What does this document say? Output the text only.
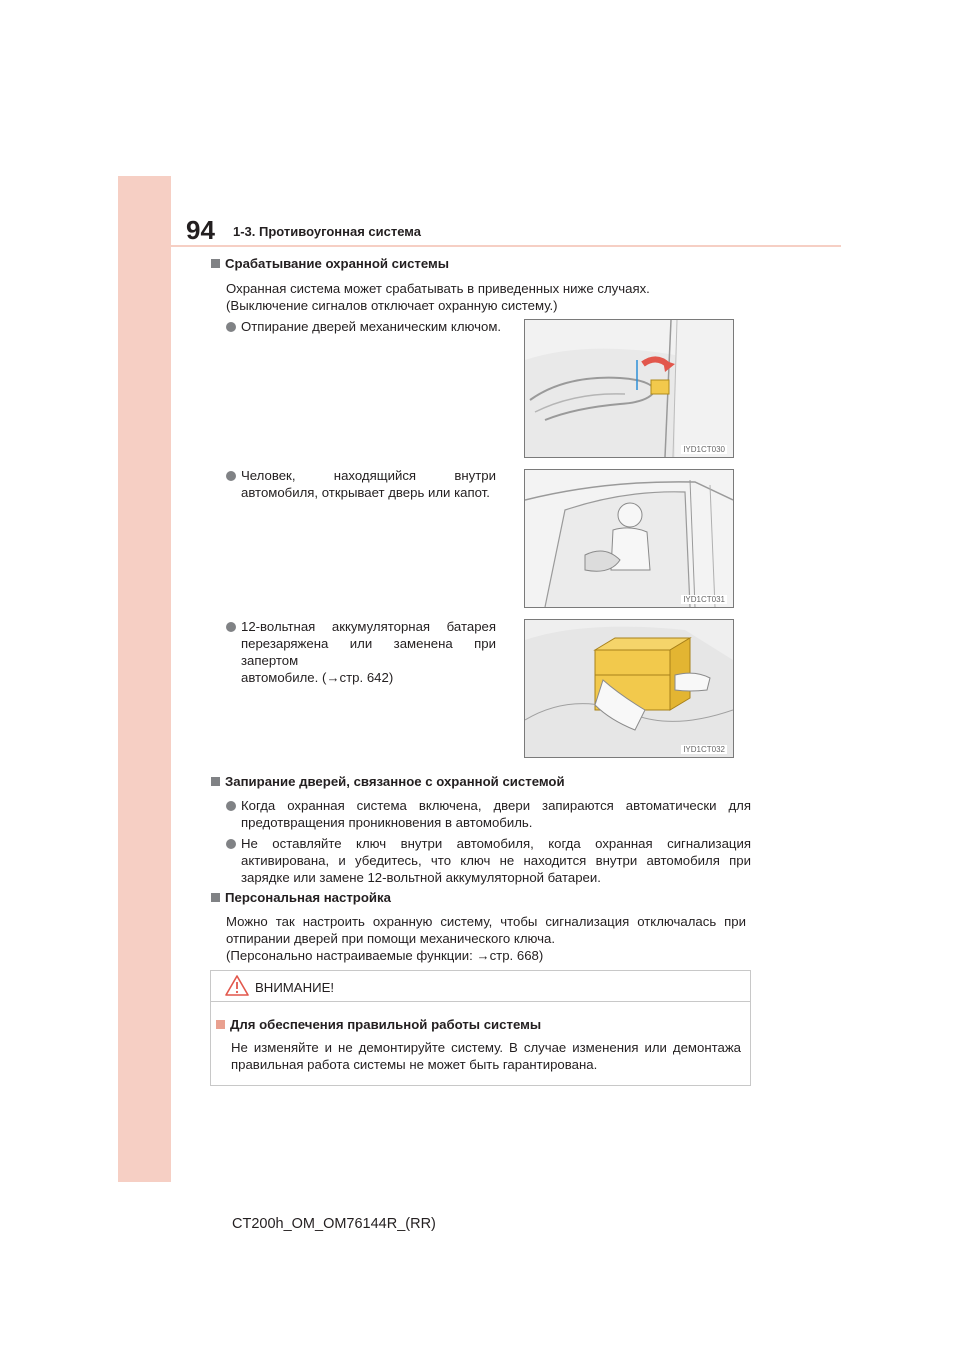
94 1-3. Противоугонная система
Срабатывание охранной системы
Охранная система может срабатывать в приведенных ниже случаях.
(Выключение сигналов отключает охранную систему.)
Отпирание дверей механическим ключом.
IYD1CT030
Человек, находящийся внутри
автомобиля, открывает дверь или капот.
IYD1CT031
12-вольтная аккумуляторная батарея
перезаряжена или заменена при запертом
автомобиле. (→стр. 642)
IYD1CT032
Запирание дверей, связанное с охранной системой
Когда охранная система включена, двери запираются автоматически для
предотвращения проникновения в автомобиль.
Не оставляйте ключ внутри автомобиля, когда охранная сигнализация
активирована, и убедитесь, что ключ не находится внутри автомобиля при
зарядке или замене 12-вольтной аккумуляторной батареи.
Персональная настройка
Можно так настроить охранную систему, чтобы сигнализация отключалась при
отпирании дверей при помощи механического ключа.
(Персонально настраиваемые функции: →стр. 668)
ВНИМАНИЕ!
Для обеспечения правильной работы системы
Не изменяйте и не демонтируйте систему. В случае изменения или демонтажа
правильная работа системы не может быть гарантирована.
CT200h_OM_OM76144R_(RR)
